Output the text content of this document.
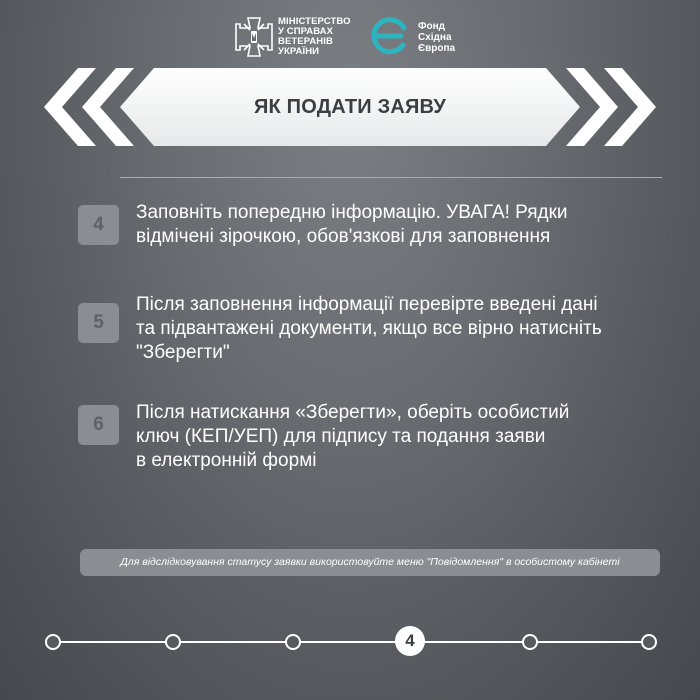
МІНІСТЕРСТВО
У СПРАВАХ
ВЕТЕРАНІВ
УКРАЇНИ
Фонд
Східна
Європа
ЯК ПОДАТИ ЗАЯВУ
4
Заповніть попередню інформацію. УВАГА! Рядки
відмічені зірочкою, обов'язкові для заповнення
5
Після заповнення інформації перевірте введені дані
та підвантажені документи, якщо все вірно натисніть
"Зберегти"
6
Після натискання «Зберегти», оберіть особистий
ключ (КЕП/УЕП) для підпису та подання заяви
в електронній формі
Для відслідковування статусу заявки використовуйте меню "Повідомлення" в особистому кабінеті
4
